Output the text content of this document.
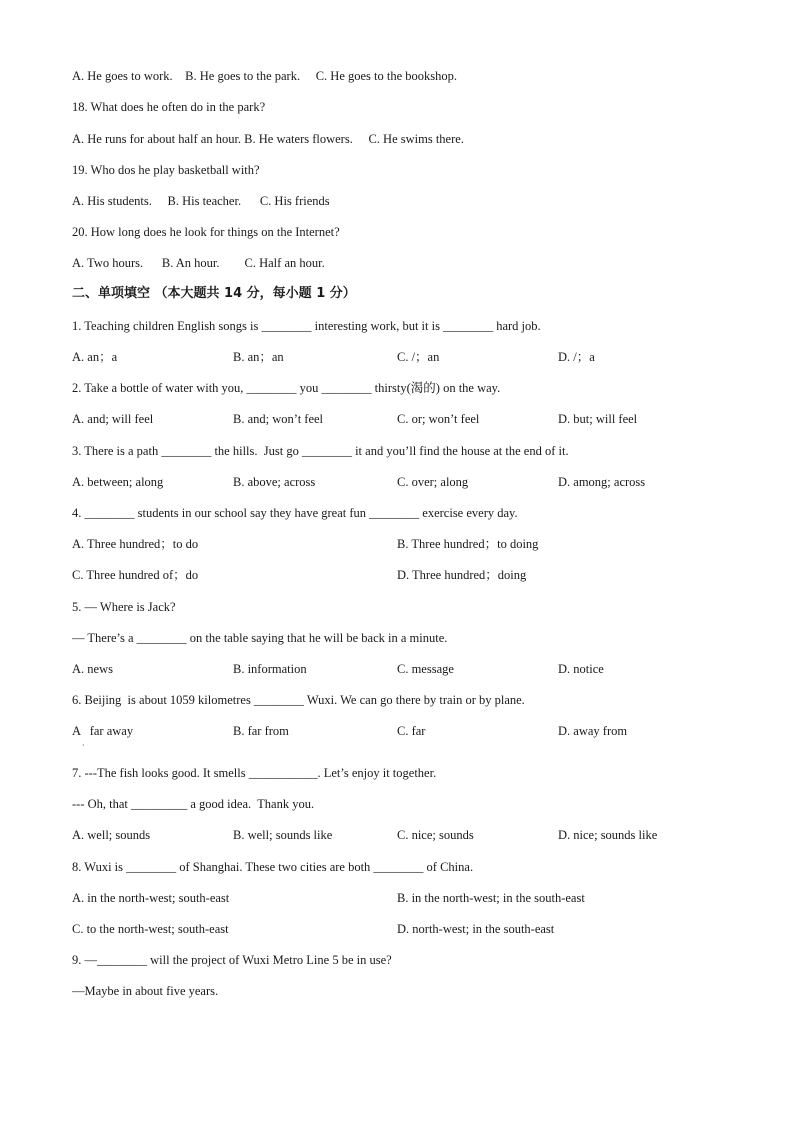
A. He goes to work.    B. He goes to the park.     C. He goes to the bookshop.
18. What does he often do in the park?
A. He runs for about half an hour. B. He waters flowers.     C. He swims there.
19. Who dos he play basketball with?
A. His students.     B. His teacher.      C. His friends
20. How long does he look for things on the Internet?
A. Two hours.      B. An hour.        C. Half an hour.
二、单项填空 （本大题共 14 分，每小题 1 分）
1. Teaching children English songs is ________ interesting work, but it is ________ hard job.
A. an；a	B. an；an	C. /；an	D. /；a
2. Take a bottle of water with you, ________ you ________ thirsty(渴的) on the way.
A. and; will feel	B. and; won’t feel	C. or; won’t feel	D. but; will feel
3. There is a path ________ the hills.  Just go ________ it and you’ll find the house at the end of it.
A. between; along	B. above; across	C. over; along	D. among; across
4. ________ students in our school say they have great fun ________ exercise every day.
A. Three hundred；to do	B. Three hundred；to doing
C. Three hundred of；do	D. Three hundred；doing
5. — Where is Jack?
— There’s a ________ on the table saying that he will be back in a minute.
A. news	B. information	C. message	D. notice
6. Beijing  is about 1059 kilometres ________ Wuxi. We can go there by train or by plane.
A   far away	B. far from	C. far	D. away from
·
7. ---The fish looks good. It smells ___________. Let’s enjoy it together.
--- Oh, that _________ a good idea.  Thank you.
A. well; sounds	B. well; sounds like	C. nice; sounds	D. nice; sounds like
8. Wuxi is ________ of Shanghai. These two cities are both ________ of China.
A. in the north-west; south-east	B. in the north-west; in the south-east
C. to the north-west; south-east	D. north-west; in the south-east
9. —________ will the project of Wuxi Metro Line 5 be in use?
—Maybe in about five years.
